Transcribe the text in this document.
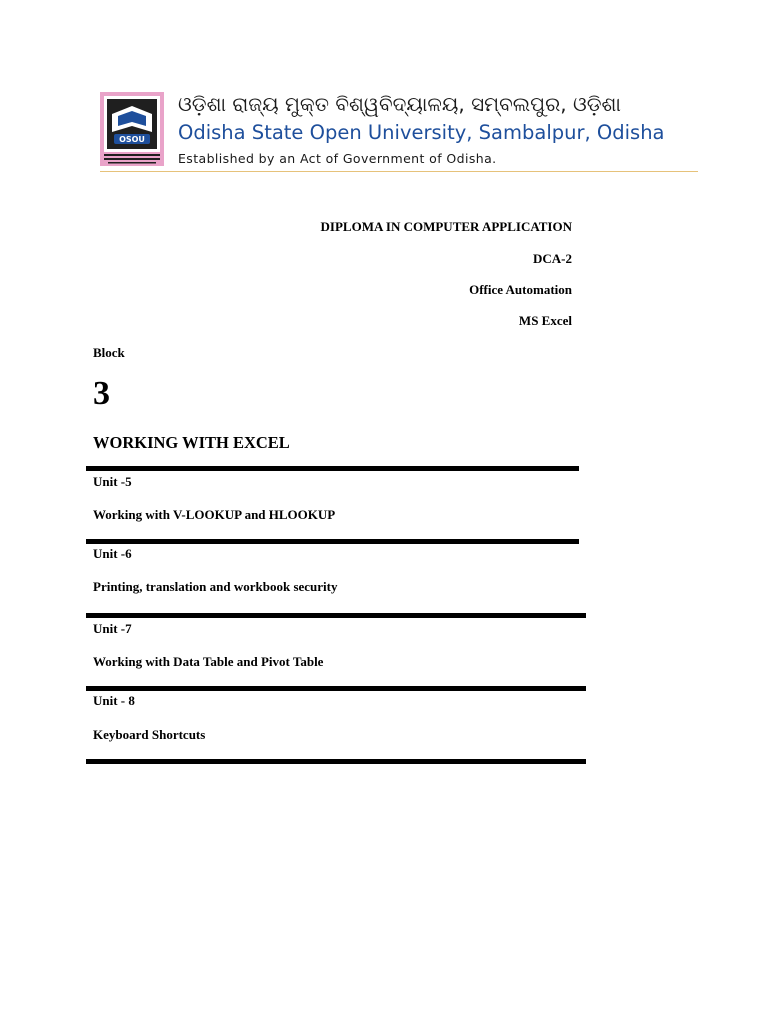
OSOU
ଓଡ଼ିଶା ରାଜ୍ୟ ମୁକ୍ତ ବିଶ୍ୱବିଦ୍ୟାଳୟ, ସମ୍ବଲପୁର, ଓଡ଼ିଶା
Odisha State Open University, Sambalpur, Odisha
Established by an Act of Government of Odisha.
DIPLOMA IN COMPUTER APPLICATION
DCA-2
Office Automation
MS Excel
Block
3
WORKING WITH EXCEL
Unit -5
Working with V-LOOKUP and HLOOKUP
Unit -6
Printing, translation and workbook security
Unit -7
Working with Data Table and Pivot Table
Unit - 8
Keyboard Shortcuts
